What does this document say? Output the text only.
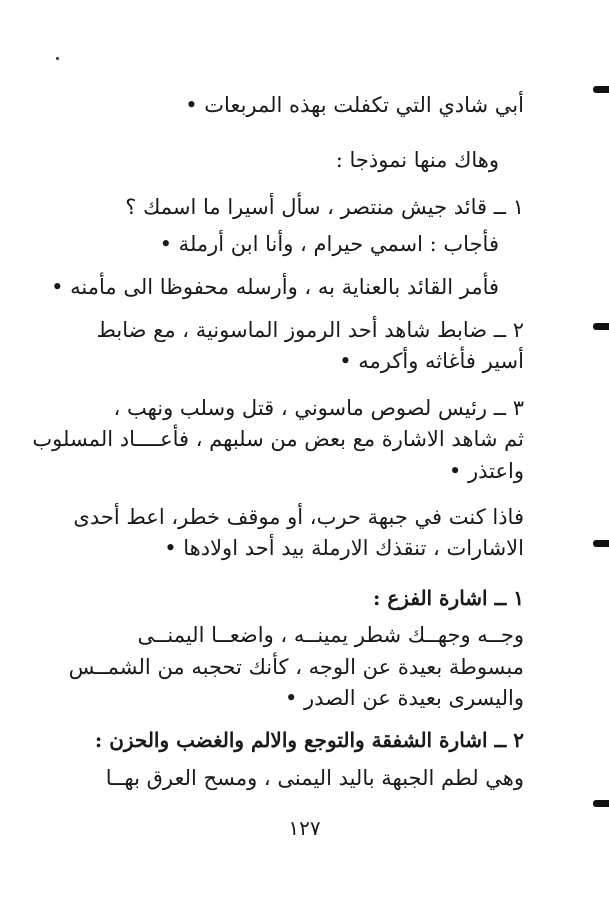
أبي شادي التي تكفلت بهذه المربعات •
وهاك منها نموذجا :
١ ــ قائد جيش منتصر ، سأل أسيرا ما اسمك ؟
فأجاب : اسمي حيرام ، وأنا ابن أرملة •
فأمر القائد بالعناية به ، وأرسله محفوظا الى مأمنه •
٢ ــ ضابط شاهد أحد الرموز الماسونية ، مع ضابط
أسير فأغاثه وأكرمه •
٣ ــ رئيس لصوص ماسوني ، قتل وسلب ونهب ،
ثم شاهد الاشارة مع بعض من سلبهم ، فأعــــاد المسلوب
واعتذر •
فاذا كنت في جبهة حرب، أو موقف خطر، اعط أحدى
الاشارات ، تنقذك الارملة بيد أحد اولادها •
١ ــ اشارة الفزع :
وجــه وجهــك شطر يمينــه ، واضعــا اليمنــى
مبسوطة بعيدة عن الوجه ، كأنك تحجبه من الشمــس
واليسرى بعيدة عن الصدر •
٢ ــ اشارة الشفقة والتوجع والالم والغضب والحزن :
وهي لطم الجبهة باليد اليمنى ، ومسح العرق بهــا
١٢٧
